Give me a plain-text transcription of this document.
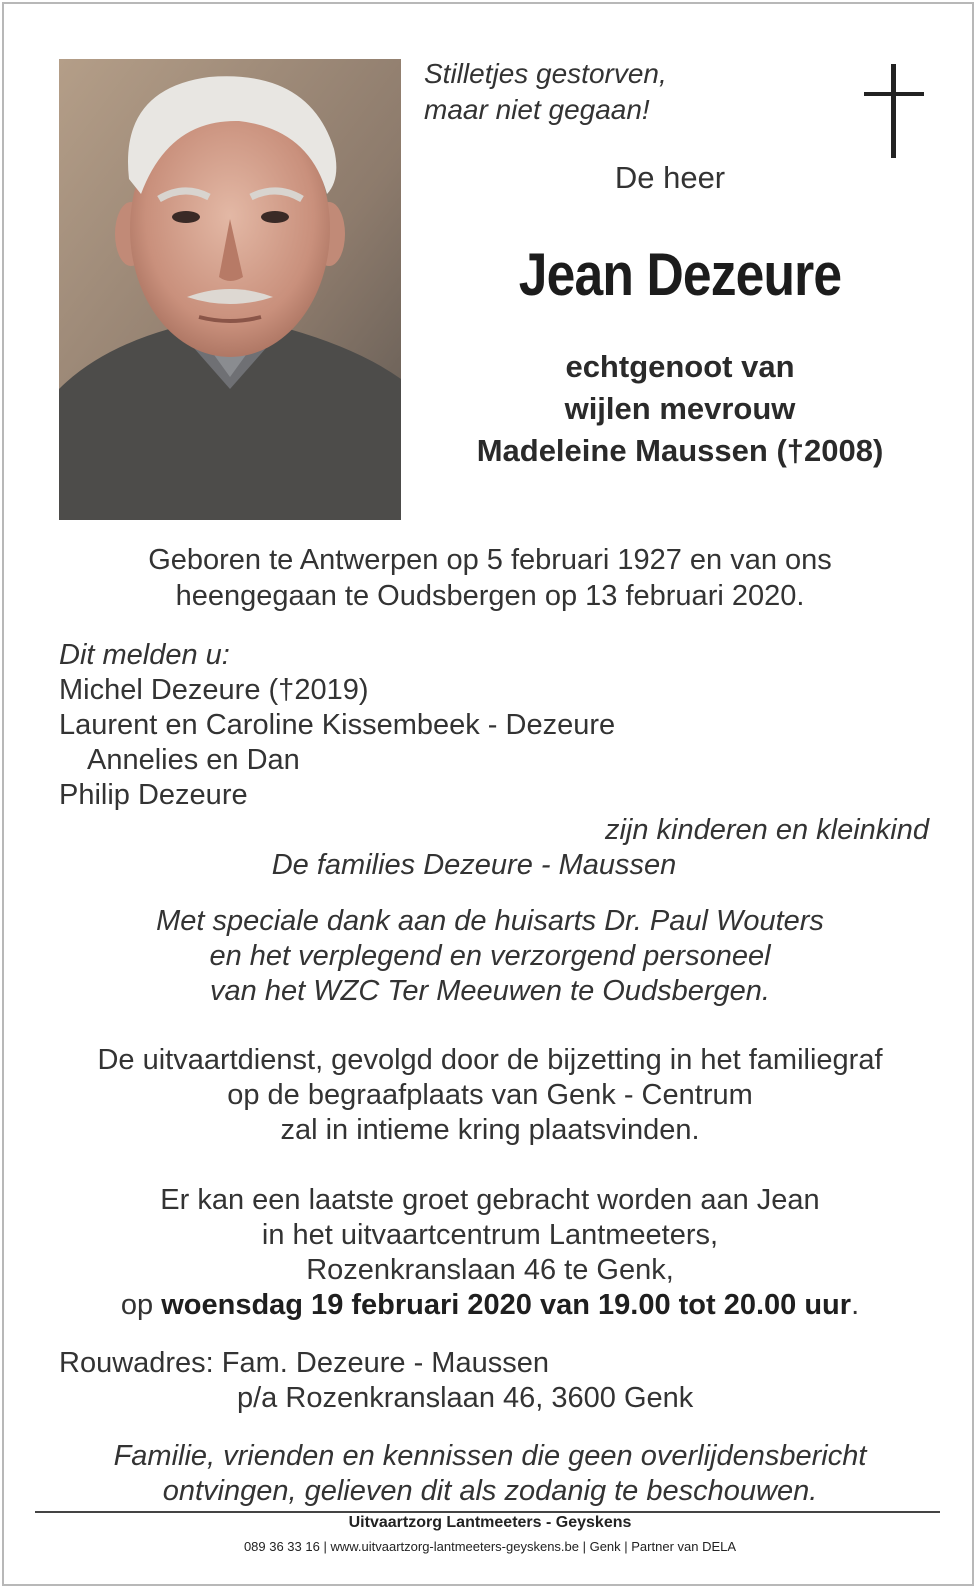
Stilletjes gestorven,
maar niet gegaan!
De heer
Jean Dezeure
echtgenoot van
wijlen mevrouw
Madeleine Maussen (†2008)
Geboren te Antwerpen op 5 februari 1927 en van ons
heengegaan te Oudsbergen op 13 februari 2020.
Dit melden u:
Michel Dezeure (†2019)
Laurent en Caroline Kissembeek - Dezeure
Annelies en Dan
Philip Dezeure
zijn kinderen en kleinkind
De families Dezeure - Maussen
Met speciale dank aan de huisarts Dr. Paul Wouters
en het verplegend en verzorgend personeel
van het WZC Ter Meeuwen te Oudsbergen.
De uitvaartdienst, gevolgd door de bijzetting in het familiegraf
op de begraafplaats van Genk - Centrum
zal in intieme kring plaatsvinden.
Er kan een laatste groet gebracht worden aan Jean
in het uitvaartcentrum Lantmeeters,
Rozenkranslaan 46 te Genk,
op woensdag 19 februari 2020 van 19.00 tot 20.00 uur.
Rouwadres: Fam. Dezeure - Maussen
p/a Rozenkranslaan 46, 3600 Genk
Familie, vrienden en kennissen die geen overlijdensbericht
ontvingen, gelieven dit als zodanig te beschouwen.
Uitvaartzorg Lantmeeters - Geyskens
089 36 33 16 | www.uitvaartzorg-lantmeeters-geyskens.be | Genk | Partner van DELA
